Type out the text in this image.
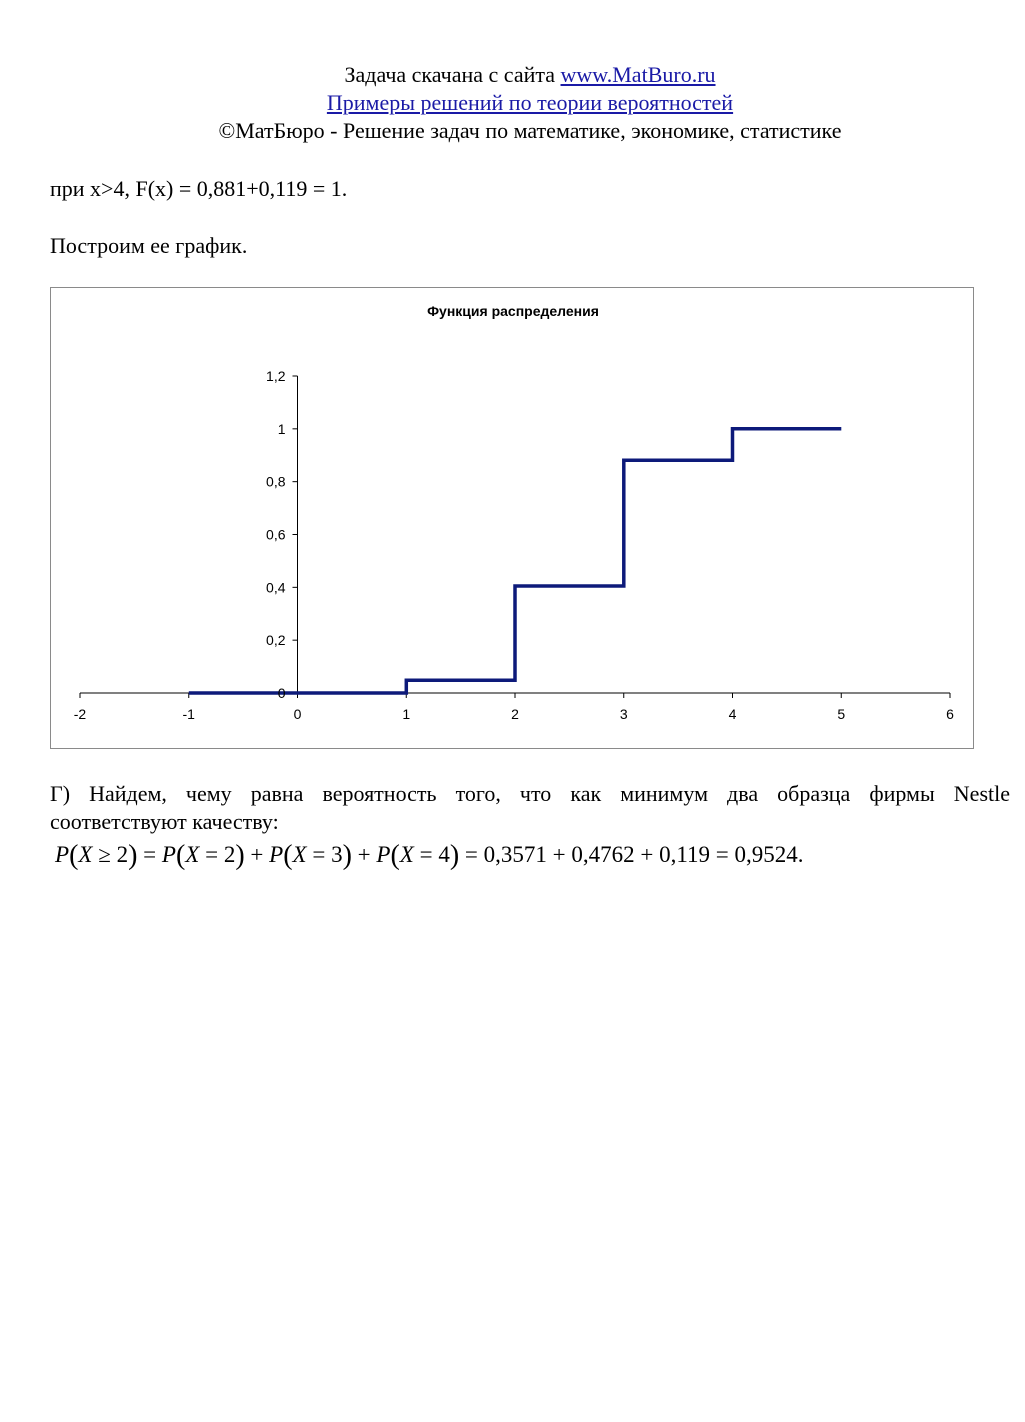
Задача скачана с сайта www.MatBuro.ru
Примеры решений по теории вероятностей
©МатБюро - Решение задач по математике, экономике, статистике
при x>4, F(x) = 0,881+0,119 = 1.
Построим ее график.
Функция распределения
-2	-1	0	1	2	3	4	5	6
0
0,2
0,4
0,6
0,8
1
1,2
Г) Найдем, чему равна вероятность того, что как минимум два образца фирмы Nestle
соответствуют качеству:
P(X ≥ 2) = P(X = 2) + P(X = 3) + P(X = 4) = 0,3571 + 0,4762 + 0,119 = 0,9524.
